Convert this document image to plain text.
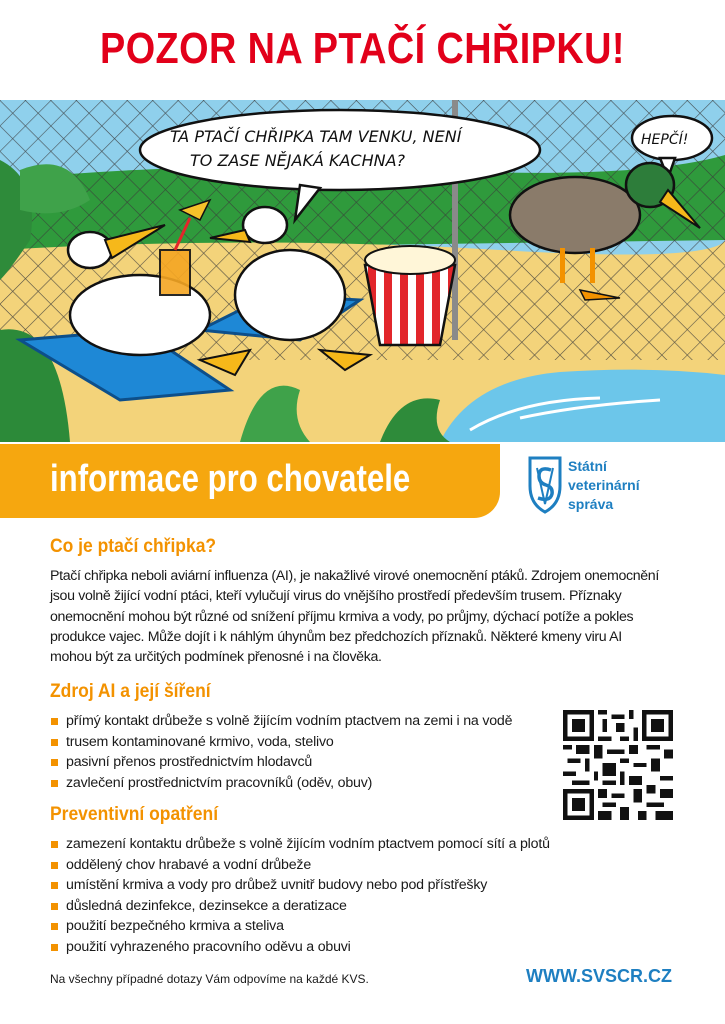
POZOR NA PTAČÍ CHŘIPKU!
TA PTAČÍ CHŘIPKA TAM VENKU, NENÍ
TO ZASE NĚJAKÁ KACHNA?
HEPČÍ!
informace pro chovatele	Státní
veterinární
správa
Co je ptačí chřipka?
Ptačí chřipka neboli aviární influenza (AI), je nakažlivé virové onemocnění ptáků. Zdrojem onemocnění
jsou volně žijící vodní ptáci, kteří vylučují virus do vnějšího prostředí především trusem. Příznaky
onemocnění mohou být různé od snížení příjmu krmiva a vody, po průjmy, dýchací potíže a pokles
produkce vajec. Může dojít i k náhlým úhynům bez předchozích příznaků. Některé kmeny viru AI
mohou být za určitých podmínek přenosné i na člověka.
Zdroj AI a její šíření
přímý kontakt drůbeže s volně žijícím vodním ptactvem na zemi i na vodě
trusem kontaminované krmivo, voda, stelivo
pasivní přenos prostřednictvím hlodavců
zavlečení prostřednictvím pracovníků (oděv, obuv)
Preventivní opatření
zamezení kontaktu drůbeže s volně žijícím vodním ptactvem pomocí sítí a plotů
oddělený chov hrabavé a vodní drůbeže
umístění krmiva a vody pro drůbež uvnitř budovy nebo pod přístřešky
důsledná dezinfekce, dezinsekce a deratizace
použití bezpečného krmiva a steliva
použití vyhrazeného pracovního oděvu a obuvi
Na všechny případné dotazy Vám odpovíme na každé KVS.	WWW.SVSCR.CZ
